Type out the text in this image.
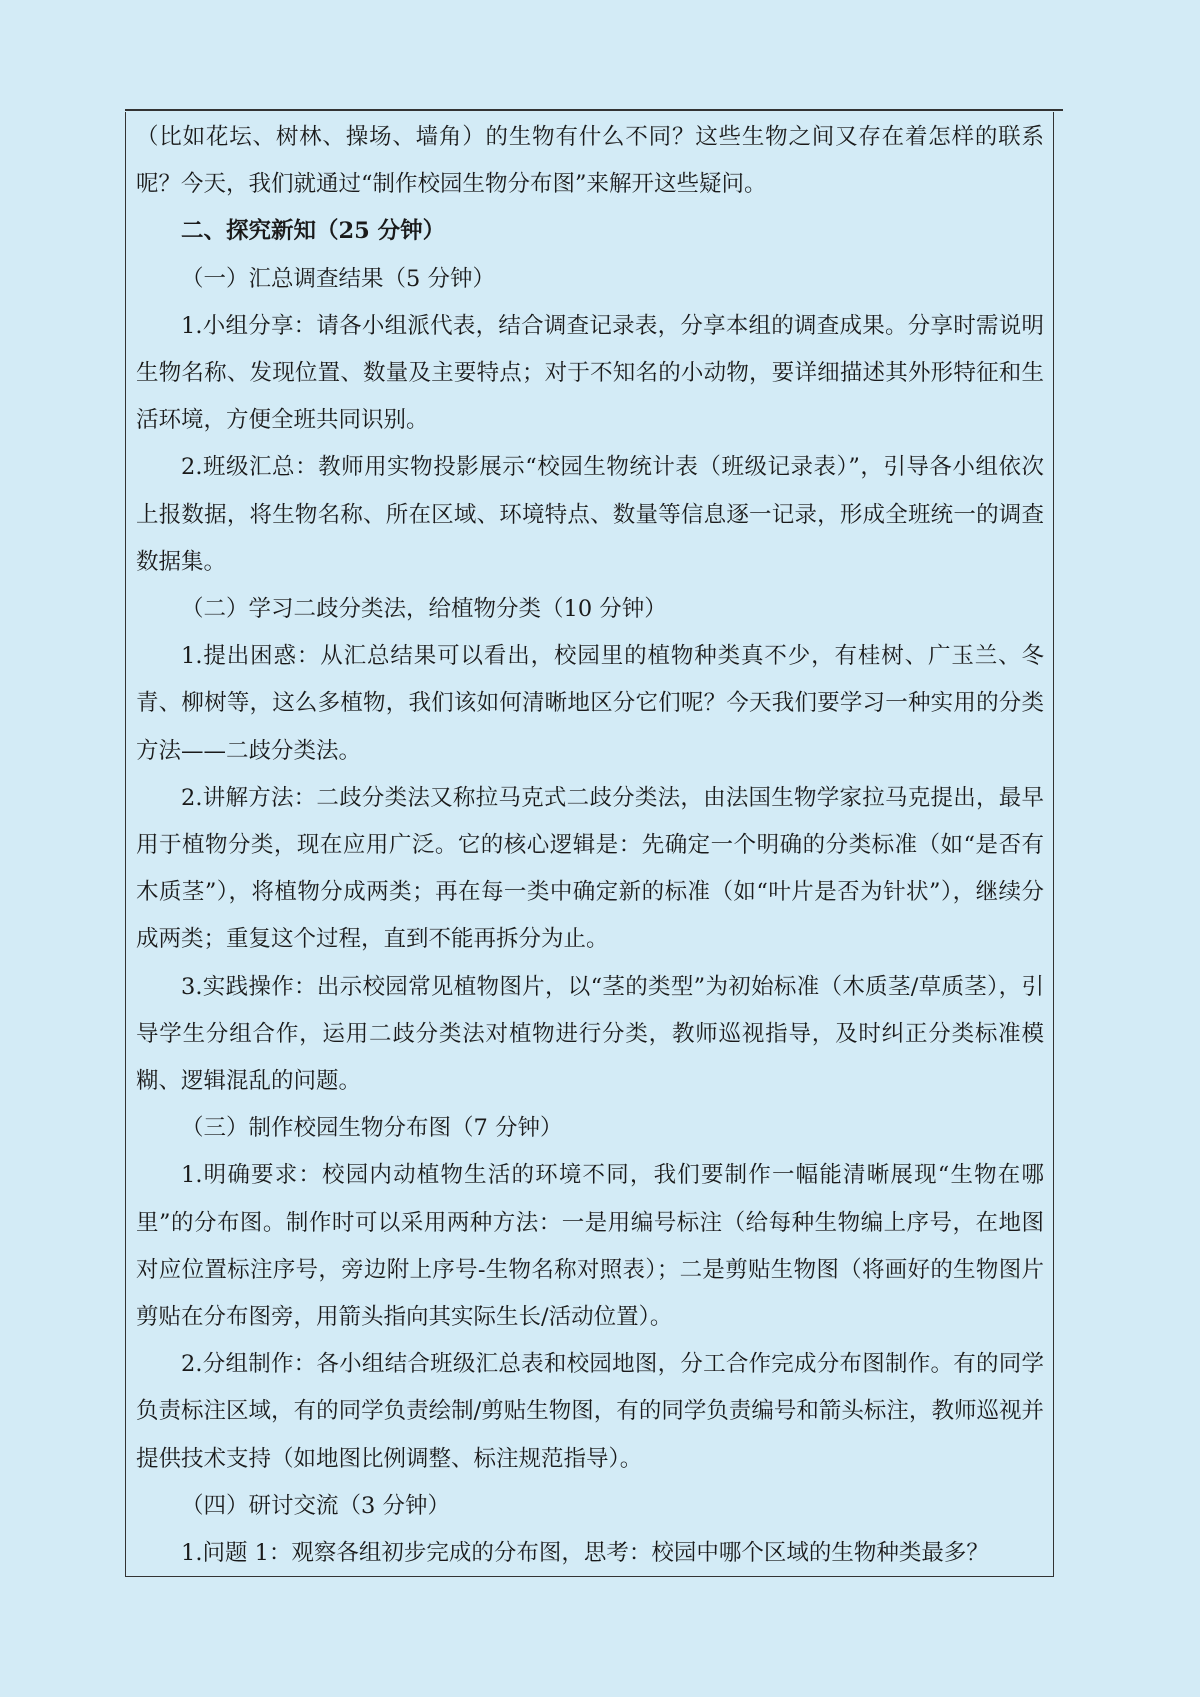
（比如花坛、树林、操场、墙角）的生物有什么不同？这些生物之间又存在着怎样的联系呢？今天，我们就通过“制作校园生物分布图”来解开这些疑问。

二、探究新知（25 分钟）

（一）汇总调查结果（5 分钟）

1.小组分享：请各小组派代表，结合调查记录表，分享本组的调查成果。分享时需说明生物名称、发现位置、数量及主要特点；对于不知名的小动物，要详细描述其外形特征和生活环境，方便全班共同识别。

2.班级汇总：教师用实物投影展示“校园生物统计表（班级记录表）”，引导各小组依次上报数据，将生物名称、所在区域、环境特点、数量等信息逐一记录，形成全班统一的调查数据集。

（二）学习二歧分类法，给植物分类（10 分钟）

1.提出困惑：从汇总结果可以看出，校园里的植物种类真不少，有桂树、广玉兰、冬青、柳树等，这么多植物，我们该如何清晰地区分它们呢？今天我们要学习一种实用的分类方法——二歧分类法。

2.讲解方法：二歧分类法又称拉马克式二歧分类法，由法国生物学家拉马克提出，最早用于植物分类，现在应用广泛。它的核心逻辑是：先确定一个明确的分类标准（如“是否有木质茎”），将植物分成两类；再在每一类中确定新的标准（如“叶片是否为针状”），继续分成两类；重复这个过程，直到不能再拆分为止。

3.实践操作：出示校园常见植物图片，以“茎的类型”为初始标准（木质茎/草质茎），引导学生分组合作，运用二歧分类法对植物进行分类，教师巡视指导，及时纠正分类标准模糊、逻辑混乱的问题。

（三）制作校园生物分布图（7 分钟）

1.明确要求：校园内动植物生活的环境不同，我们要制作一幅能清晰展现“生物在哪里”的分布图。制作时可以采用两种方法：一是用编号标注（给每种生物编上序号，在地图对应位置标注序号，旁边附上序号-生物名称对照表）；二是剪贴生物图（将画好的生物图片剪贴在分布图旁，用箭头指向其实际生长/活动位置）。

2.分组制作：各小组结合班级汇总表和校园地图，分工合作完成分布图制作。有的同学负责标注区域，有的同学负责绘制/剪贴生物图，有的同学负责编号和箭头标注，教师巡视并提供技术支持（如地图比例调整、标注规范指导）。

（四）研讨交流（3 分钟）

1.问题 1：观察各组初步完成的分布图，思考：校园中哪个区域的生物种类最多？
